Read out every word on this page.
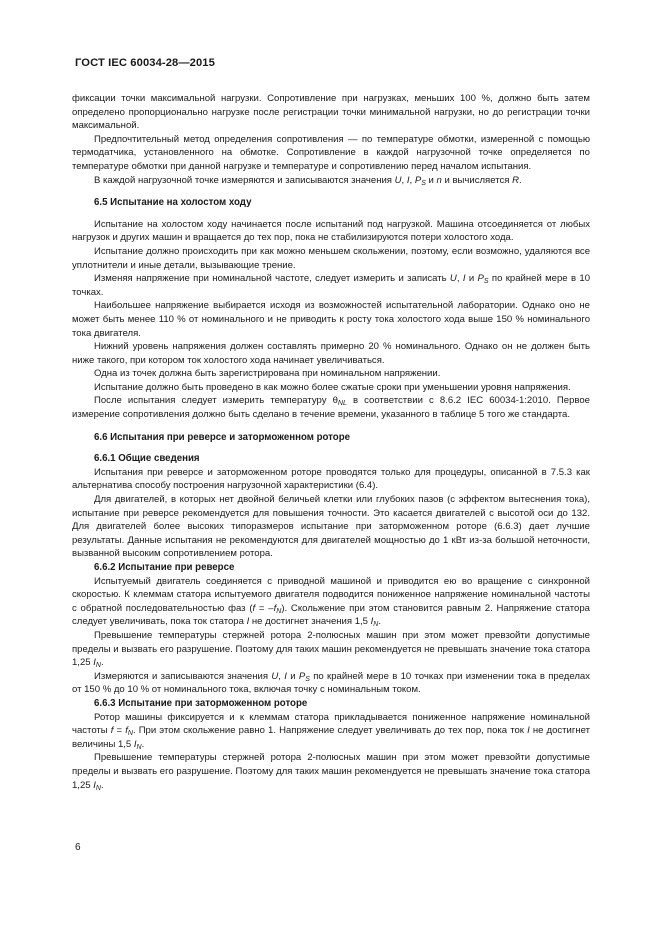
ГОСТ IEC 60034-28—2015

фиксации точки максимальной нагрузки. Сопротивление при нагрузках, меньших 100 %, должно быть затем определено пропорционально нагрузке после регистрации точки минимальной нагрузки, но до регистрации точки максимальной.

Предпочтительный метод определения сопротивления — по температуре обмотки, измеренной с помощью термодатчика, установленного на обмотке. Сопротивление в каждой нагрузочной точке определяется по температуре обмотки при данной нагрузке и температуре и сопротивлению перед началом испытания.

В каждой нагрузочной точке измеряются и записываются значения U, I, $P_S$ и n и вычисляется R.

6.5 Испытание на холостом ходу

Испытание на холостом ходу начинается после испытаний под нагрузкой. Машина отсоединяется от любых нагрузок и других машин и вращается до тех пор, пока не стабилизируются потери холостого хода.

Испытание должно происходить при как можно меньшем скольжении, поэтому, если возможно, удаляются все уплотнители и иные детали, вызывающие трение.

Изменяя напряжение при номинальной частоте, следует измерить и записать U, I и $P_S$ по крайней мере в 10 точках.

Наибольшее напряжение выбирается исходя из возможностей испытательной лаборатории. Однако оно не может быть менее 110 % от номинального и не приводить к росту тока холостого хода выше 150 % номинального тока двигателя.

Нижний уровень напряжения должен составлять примерно 20 % номинального. Однако он не должен быть ниже такого, при котором ток холостого хода начинает увеличиваться.

Одна из точек должна быть зарегистрирована при номинальном напряжении.

Испытание должно быть проведено в как можно более сжатые сроки при уменьшении уровня напряжения.

После испытания следует измерить температуру $\theta_{NL}$ в соответствии с 8.6.2 IEC 60034-1:2010. Первое измерение сопротивления должно быть сделано в течение времени, указанного в таблице 5 того же стандарта.

6.6 Испытания при реверсе и заторможенном роторе
6.6.1 Общие сведения

Испытания при реверсе и заторможенном роторе проводятся только для процедуры, описанной в 7.5.3 как альтернатива способу построения нагрузочной характеристики (6.4).

Для двигателей, в которых нет двойной беличьей клетки или глубоких пазов (с эффектом вытеснения тока), испытание при реверсе рекомендуется для повышения точности. Это касается двигателей с высотой оси до 132. Для двигателей более высоких типоразмеров испытание при заторможенном роторе (6.6.3) дает лучшие результаты. Данные испытания не рекомендуются для двигателей мощностью до 1 кВт из-за большой неточности, вызванной высоким сопротивлением ротора.

6.6.2 Испытание при реверсе

Испытуемый двигатель соединяется с приводной машиной и приводится ею во вращение с синхронной скоростью. К клеммам статора испытуемого двигателя подводится пониженное напряжение номинальной частоты с обратной последовательностью фаз $(f = -f_N)$. Скольжение при этом становится равным 2. Напряжение статора следует увеличивать, пока ток статора I не достигнет значения 1,5 $I_N$.

Превышение температуры стержней ротора 2-полюсных машин при этом может превзойти допустимые пределы и вызвать его разрушение. Поэтому для таких машин рекомендуется не превышать значение тока статора 1,25 $I_N$.

Измеряются и записываются значения U, I и $P_S$ по крайней мере в 10 точках при изменении тока в пределах от 150 % до 10 % от номинального тока, включая точку с номинальным током.

6.6.3 Испытание при заторможенном роторе

Ротор машины фиксируется и к клеммам статора прикладывается пониженное напряжение номинальной частоты $f = f_N$. При этом скольжение равно 1. Напряжение следует увеличивать до тех пор, пока ток I не достигнет величины 1,5 $I_N$.

Превышение температуры стержней ротора 2-полюсных машин при этом может превзойти допустимые пределы и вызвать его разрушение. Поэтому для таких машин рекомендуется не превышать значение тока статора 1,25 $I_N$.

6
